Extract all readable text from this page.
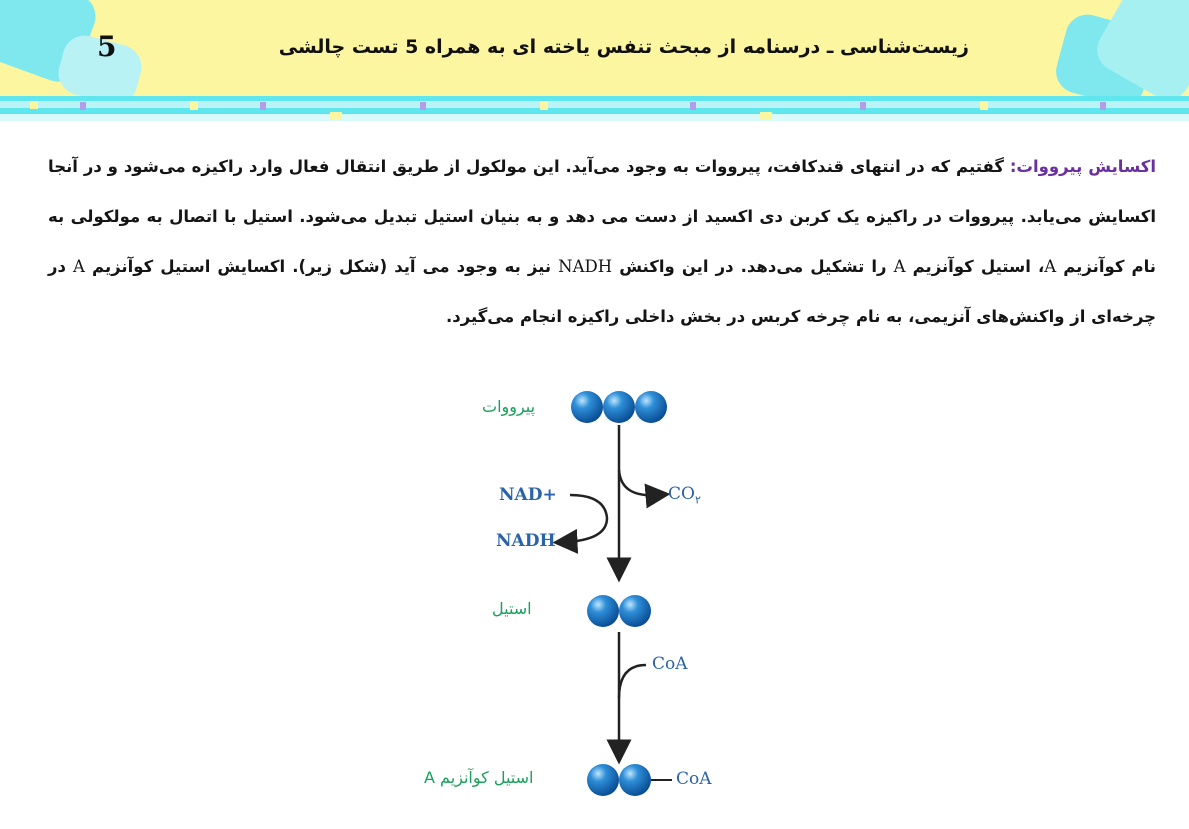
5	زیست‌شناسی ـ درسنامه از مبحث تنفس یاخته ای به همراه 5 تست چالشی
اکسایش پیرووات: گفتیم که در انتهای قندکافت، پیرووات به وجود می‌آید. این مولکول از طریق انتقال فعال وارد راکیزه می‌شود و در آنجا اکسایش می‌یابد. پیرووات در راکیزه یک کربن دی اکسید از دست می دهد و به بنیان استیل تبدیل می‌شود. استیل با اتصال به مولکولی به نام کوآنزیم A، استیل کوآنزیم A را تشکیل می‌دهد. در این واکنش NADH نیز به وجود می آید (شکل زیر). اکسایش استیل کوآنزیم A در چرخه‌ای از واکنش‌های آنزیمی، به نام چرخه کربس در بخش داخلی راکیزه انجام می‌گیرد.
پیرووات
NAD+
NADH
$CO_۲$
استیل
CoA
استیل کوآنزیم A	CoA
